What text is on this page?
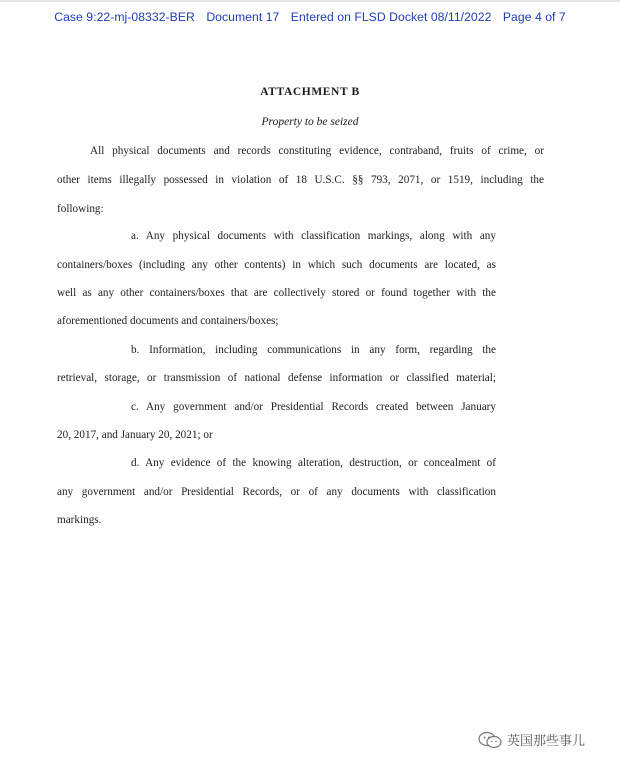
Case 9:22-mj-08332-BER Document 17 Entered on FLSD Docket 08/11/2022 Page 4 of 7
ATTACHMENT B
Property to be seized
All physical documents and records constituting evidence, contraband, fruits of crime, or
other items illegally possessed in violation of 18 U.S.C. §§ 793, 2071, or 1519, including the
following:
a. Any physical documents with classification markings, along with any
containers/boxes (including any other contents) in which such documents are located, as
well as any other containers/boxes that are collectively stored or found together with the
aforementioned documents and containers/boxes;
b. Information, including communications in any form, regarding the
retrieval, storage, or transmission of national defense information or classified material;
c. Any government and/or Presidential Records created between January
20, 2017, and January 20, 2021; or
d. Any evidence of the knowing alteration, destruction, or concealment of
any government and/or Presidential Records, or of any documents with classification
markings.
英国那些事儿
